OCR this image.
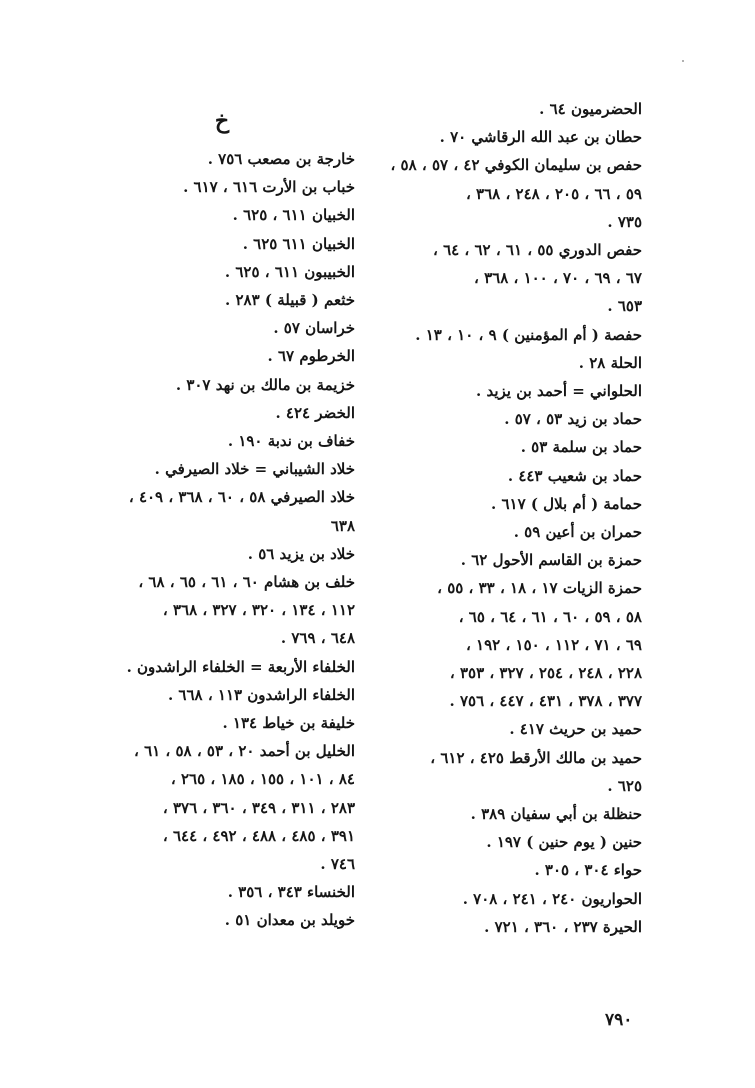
خ	الحضرميون ٦٤ .
حطان بن عبد الله الرقاشي ٧٠ .
حفص بن سليمان الكوفي ٤٢ ، ٥٧ ، ٥٨ ،
٥٩ ، ٦٦ ، ٢٠٥ ، ٢٤٨ ، ٣٦٨ ،
٧٣٥ .
حفص الدوري ٥٥ ، ٦١ ، ٦٢ ، ٦٤ ،
٦٧ ، ٦٩ ، ٧٠ ، ١٠٠ ، ٣٦٨ ،
٦٥٣ .
حفصة ( أم المؤمنين ) ٩ ، ١٠ ، ١٣ .
الحلة ٢٨ .
الحلواني = أحمد بن يزيد .
حماد بن زيد ٥٣ ، ٥٧ .
حماد بن سلمة ٥٣ .
حماد بن شعيب ٤٤٣ .
حمامة ( أم بلال ) ٦١٧ .
حمران بن أعين ٥٩ .
حمزة بن القاسم الأحول ٦٢ .
حمزة الزيات ١٧ ، ١٨ ، ٣٣ ، ٥٥ ،
٥٨ ، ٥٩ ، ٦٠ ، ٦١ ، ٦٤ ، ٦٥ ،
٦٩ ، ٧١ ، ١١٢ ، ١٥٠ ، ١٩٢ ،
٢٢٨ ، ٢٤٨ ، ٢٥٤ ، ٣٢٧ ، ٣٥٣ ،
٣٧٧ ، ٣٧٨ ، ٤٣١ ، ٤٤٧ ، ٧٥٦ .
حميد بن حريث ٤١٧ .
حميد بن مالك الأرقط ٤٢٥ ، ٦١٢ ،
٦٢٥ .
حنظلة بن أبي سفيان ٣٨٩ .
حنين ( يوم حنين ) ١٩٧ .
حواء ٣٠٤ ، ٣٠٥ .
الحواريون ٢٤٠ ، ٢٤١ ، ٧٠٨ .
الحيرة ٢٣٧ ، ٣٦٠ ، ٧٢١ .
خارجة بن مصعب ٧٥٦ .
خباب بن الأرت ٦١٦ ، ٦١٧ .
الخبيان ٦١١ ، ٦٢٥ .
الخبيان ٦١١ ٦٢٥ .
الخبيبون ٦١١ ، ٦٢٥ .
خثعم ( قبيلة ) ٢٨٣ .
خراسان ٥٧ .
الخرطوم ٦٧ .
خزيمة بن مالك بن نهد ٣٠٧ .
الخضر ٤٢٤ .
خفاف بن ندبة ١٩٠ .
خلاد الشيباني = خلاد الصيرفي .
خلاد الصيرفي ٥٨ ، ٦٠ ، ٣٦٨ ، ٤٠٩ ،
٦٣٨
خلاد بن يزيد ٥٦ .
خلف بن هشام ٦٠ ، ٦١ ، ٦٥ ، ٦٨ ،
١١٢ ، ١٣٤ ، ٣٢٠ ، ٣٢٧ ، ٣٦٨ ،
٦٤٨ ، ٧٦٩ .
الخلفاء الأربعة = الخلفاء الراشدون .
الخلفاء الراشدون ١١٣ ، ٦٦٨ .
خليفة بن خياط ١٣٤ .
الخليل بن أحمد ٢٠ ، ٥٣ ، ٥٨ ، ٦١ ،
٨٤ ، ١٠١ ، ١٥٥ ، ١٨٥ ، ٢٦٥ ،
٢٨٣ ، ٣١١ ، ٣٤٩ ، ٣٦٠ ، ٣٧٦ ،
٣٩١ ، ٤٨٥ ، ٤٨٨ ، ٤٩٢ ، ٦٤٤ ،
٧٤٦ .
الخنساء ٣٤٣ ، ٣٥٦ .
خويلد بن معدان ٥١ .
٧٩٠
